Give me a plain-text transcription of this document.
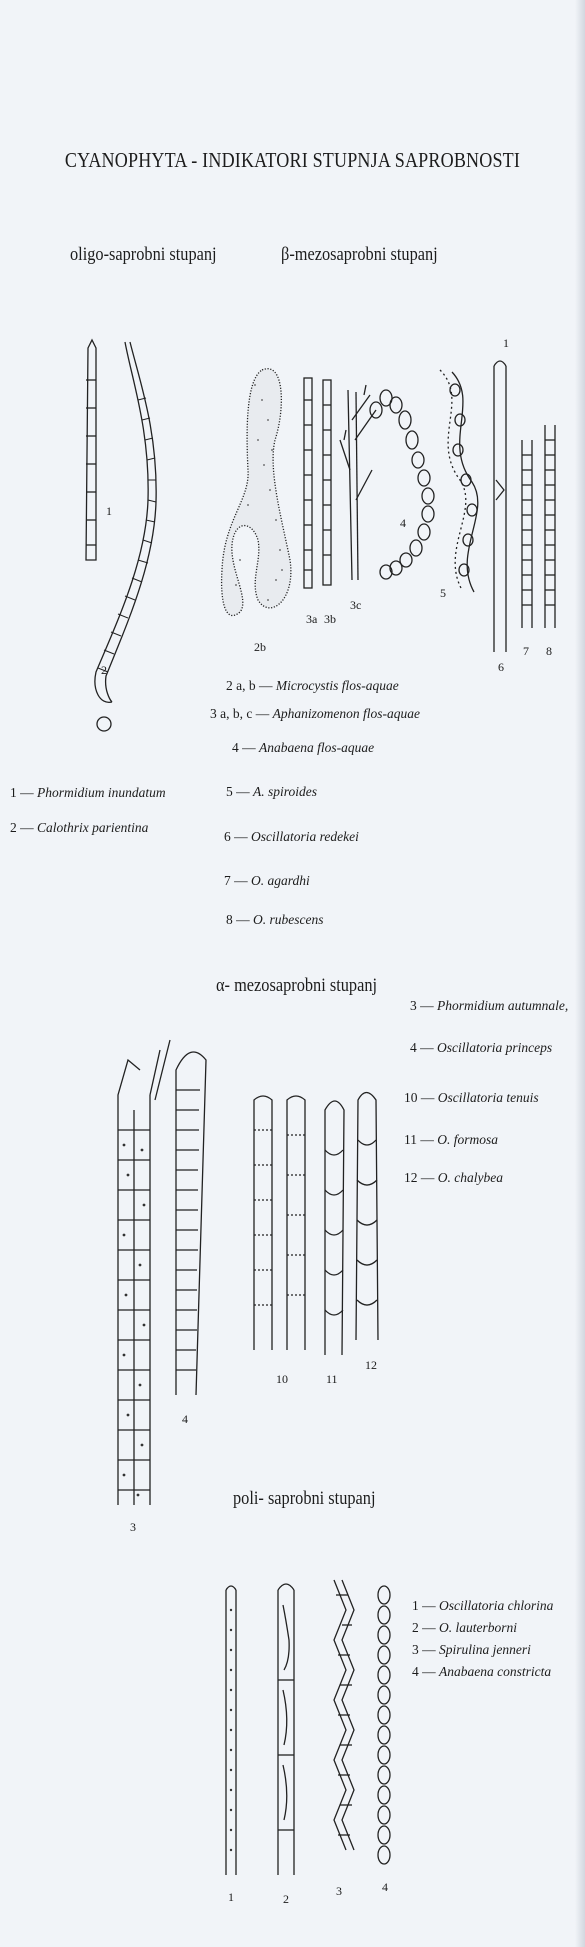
CYANOPHYTA - INDIKATORI STUPNJA SAPROBNOSTI
oligo-saprobni stupanj	β-mezosaprobni stupanj
1
2
1
2b
3a 3b
3c
4
5
6
7 8
2 a, b — Microcystis flos-aquae
3 a, b, c — Aphanizomenon flos-aquae
4 — Anabaena flos-aquae
5 — A. spiroides
6 — Oscillatoria redekei
7 — O. agardhi
8 — O. rubescens
1 — Phormidium inundatum
2 — Calothrix parientina
α- mezosaprobni stupanj
3 — Phormidium autumnale,
4 — Oscillatoria princeps
10 — Oscillatoria tenuis
11 — O. formosa
12 — O. chalybea
3
4
10	11
12
poli- saprobni stupanj
1 — Oscillatoria chlorina
2 — O. lauterborni
3 — Spirulina jenneri
4 — Anabaena constricta
1	2
3	4
